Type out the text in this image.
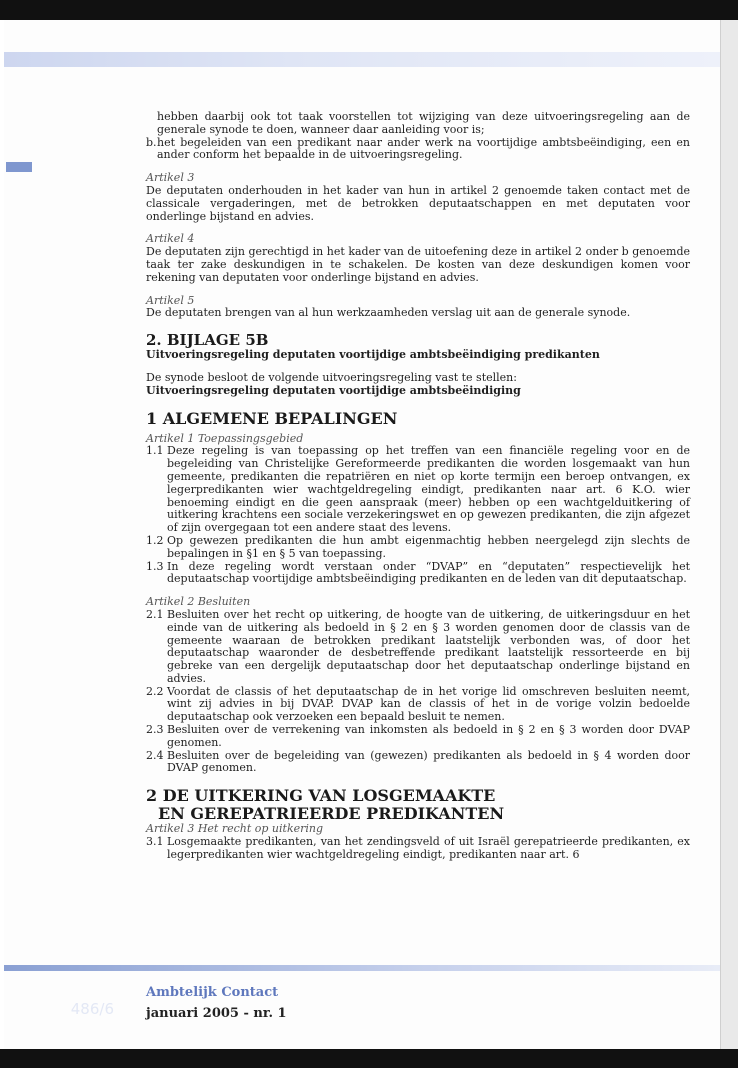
hebben daarbij ook tot taak voorstellen tot wijziging van deze uitvoeringsregeling aan de generale synode te doen, wanneer daar aanleiding voor is;

b. het begeleiden van een predikant naar ander werk na voortijdige ambtsbeëindiging, een en ander conform het bepaalde in de uitvoeringsregeling.

Artikel 3

De deputaten onderhouden in het kader van hun in artikel 2 genoemde taken contact met de classicale vergaderingen, met de betrokken deputaatschappen en met deputaten voor onderlinge bijstand en advies.

Artikel 4

De deputaten zijn gerechtigd in het kader van de uitoefening deze in artikel 2 onder b genoemde taak ter zake deskundigen in te schakelen. De kosten van deze deskundigen komen voor rekening van deputaten voor onderlinge bijstand en advies.

Artikel 5

De deputaten brengen van al hun werkzaamheden verslag uit aan de generale synode.

2. BIJLAGE 5B

Uitvoeringsregeling deputaten voortijdige ambtsbeëindiging predikanten

De synode besloot de volgende uitvoeringsregeling vast te stellen:

Uitvoeringsregeling deputaten voortijdige ambtsbeëindiging

1 ALGEMENE BEPALINGEN

Artikel 1 Toepassingsgebied

1.1 Deze regeling is van toepassing op het treffen van een financiële regeling voor en de begeleiding van Christelijke Gereformeerde predikanten die worden losgemaakt van hun gemeente, predikanten die repatriëren en niet op korte termijn een beroep ontvangen, ex legerpredikanten wier wachtgeldregeling eindigt, predikanten naar art. 6 K.O. wier benoeming eindigt en die geen aanspraak (meer) hebben op een wachtgelduitkering of uitkering krachtens een sociale verzekeringswet en op gewezen predikanten, die zijn afgezet of zijn overgegaan tot een andere staat des levens.

1.2 Op gewezen predikanten die hun ambt eigenmachtig hebben neergelegd zijn slechts de bepalingen in §1 en § 5 van toepassing.

1.3 In deze regeling wordt verstaan onder “DVAP” en “deputaten” respectievelijk het deputaatschap voortijdige ambtsbeëindiging predikanten en de leden van dit deputaatschap.

Artikel 2 Besluiten

2.1 Besluiten over het recht op uitkering, de hoogte van de uitkering, de uitkeringsduur en het einde van de uitkering als bedoeld in § 2 en § 3 worden genomen door de classis van de gemeente waaraan de betrokken predikant laatstelijk verbonden was, of door het deputaatschap waaronder de desbetreffende predikant laatstelijk ressorteerde en bij gebreke van een dergelijk deputaatschap door het deputaatschap onderlinge bijstand en advies.

2.2 Voordat de classis of het deputaatschap de in het vorige lid omschreven besluiten neemt, wint zij advies in bij DVAP. DVAP kan de classis of het in de vorige volzin bedoelde deputaatschap ook verzoeken een bepaald besluit te nemen.

2.3 Besluiten over de verrekening van inkomsten als bedoeld in § 2 en § 3 worden door DVAP genomen.

2.4 Besluiten over de begeleiding van (gewezen) predikanten als bedoeld in § 4 worden door DVAP genomen.

2 DE UITKERING VAN LOSGEMAAKTE

EN GEREPATRIEERDE PREDIKANTEN

Artikel 3 Het recht op uitkering

3.1 Losgemaakte predikanten, van het zendingsveld of uit Israël gerepatrieerde predikanten, ex legerpredikanten wier wachtgeldregeling eindigt, predikanten naar art. 6

486/6
Ambtelijk Contact
januari 2005 - nr. 1
